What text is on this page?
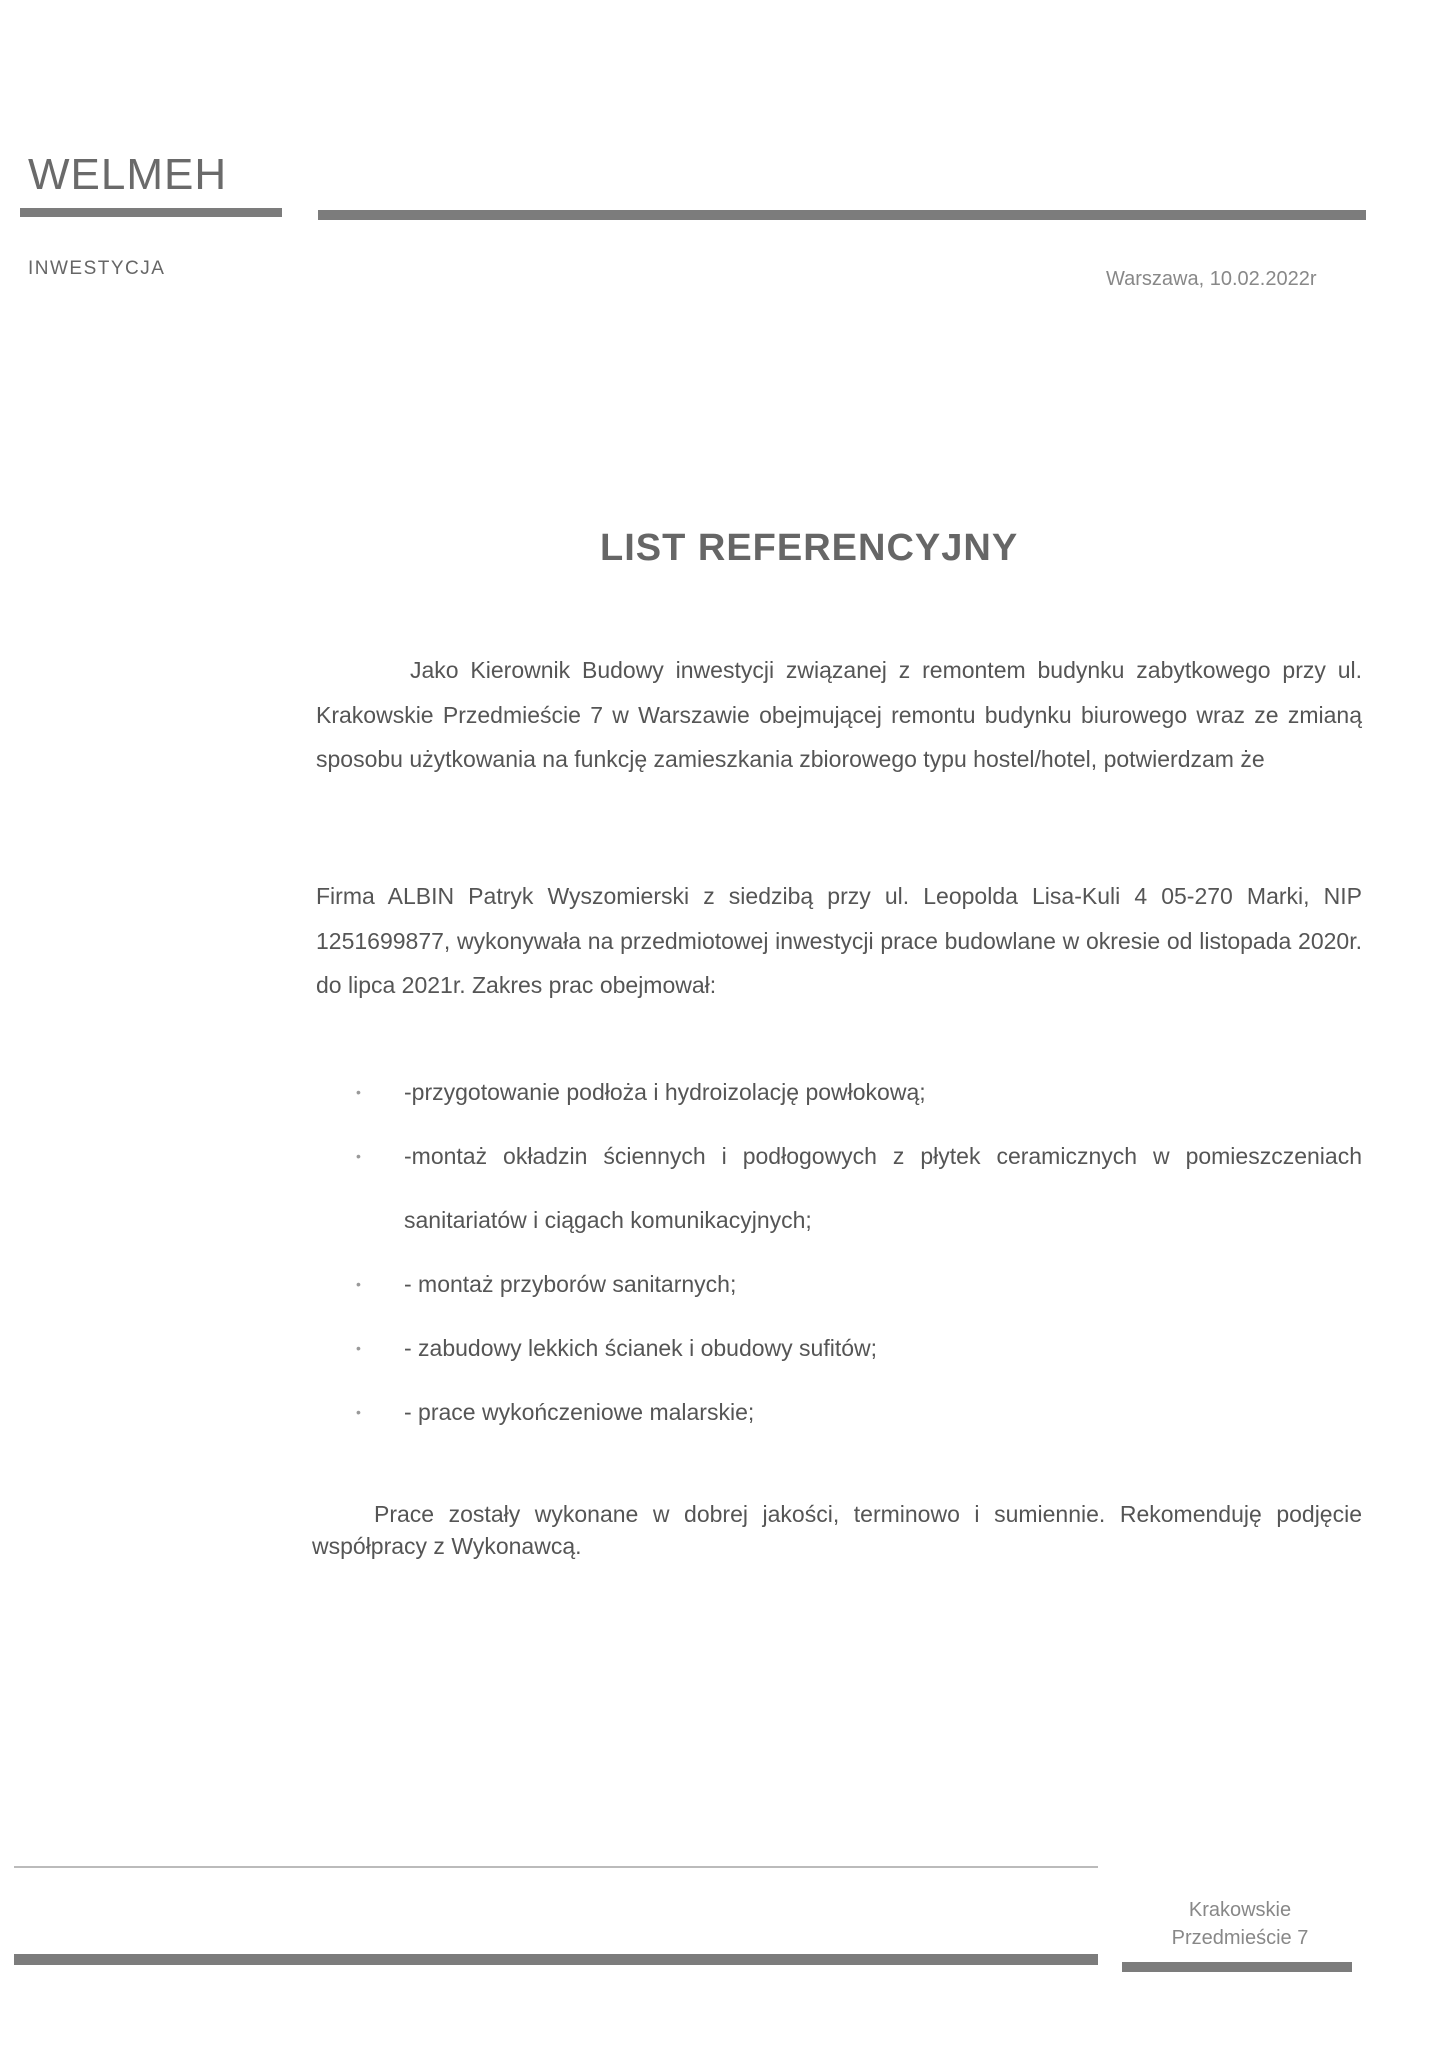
WELMEH
INWESTYCJA	Warszawa, 10.02.2022r
LIST REFERENCYJNY
Jako Kierownik Budowy inwestycji związanej z remontem budynku zabytkowego przy ul. Krakowskie Przedmieście 7 w Warszawie obejmującej remontu budynku biurowego wraz ze zmianą sposobu użytkowania na funkcję zamieszkania zbiorowego typu hostel/hotel, potwierdzam że
Firma ALBIN Patryk Wyszomierski z siedzibą przy ul. Leopolda Lisa-Kuli 4 05-270 Marki, NIP 1251699877, wykonywała na przedmiotowej inwestycji prace budowlane w okresie od listopada 2020r. do lipca 2021r. Zakres prac obejmował:
• -przygotowanie podłoża i hydroizolację powłokową;
• -montaż okładzin ściennych i podłogowych z płytek ceramicznych w pomieszczeniach sanitariatów i ciągach komunikacyjnych;
• - montaż przyborów sanitarnych;
• - zabudowy lekkich ścianek i obudowy sufitów;
• - prace wykończeniowe malarskie;
Prace zostały wykonane w dobrej jakości, terminowo i sumiennie. Rekomenduję podjęcie współpracy z Wykonawcą.
Krakowskie
Przedmieście 7
